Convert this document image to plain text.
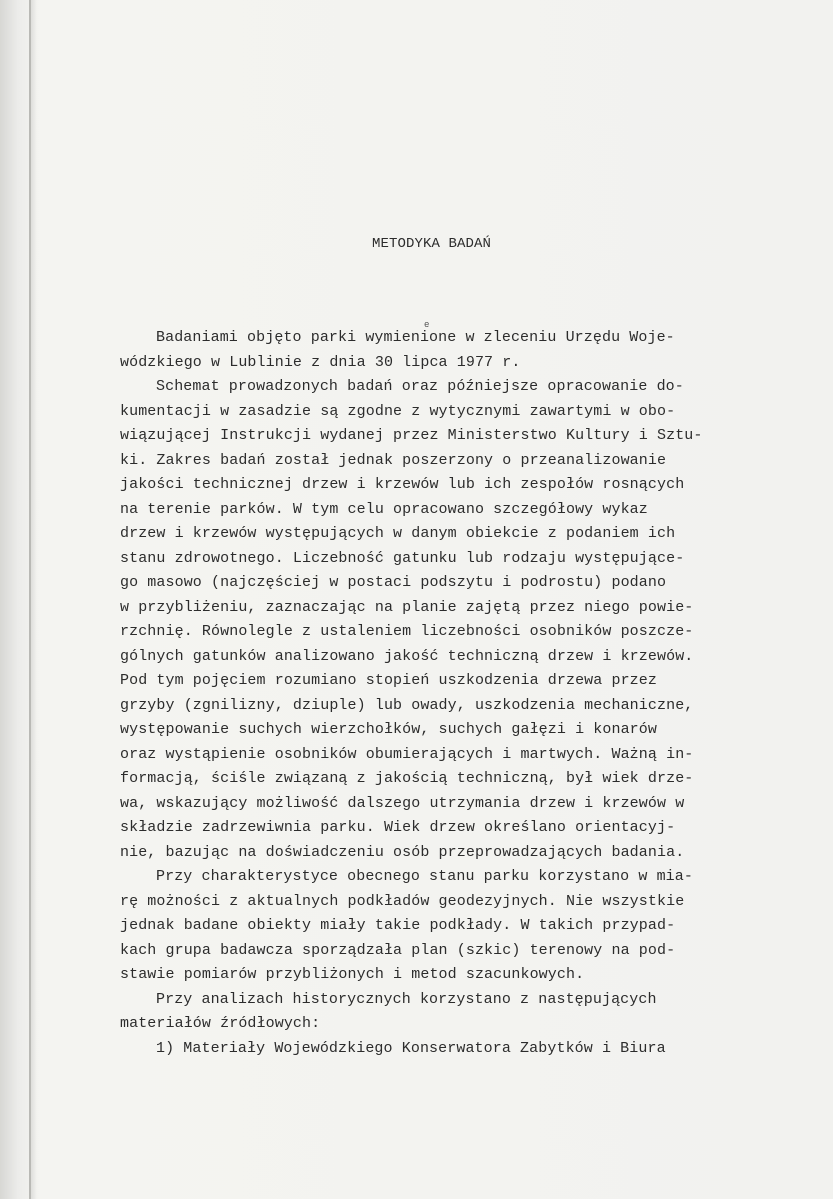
METODYKA BADAŃ
e
Badaniami objęto parki wymienione w zleceniu Urzędu Woje-
wódzkiego w Lublinie z dnia 30 lipca 1977 r.
Schemat prowadzonych badań oraz późniejsze opracowanie do-
kumentacji w zasadzie są zgodne z wytycznymi zawartymi w obo-
wiązującej Instrukcji wydanej przez Ministerstwo Kultury i Sztu-
ki. Zakres badań został jednak poszerzony o przeanalizowanie
jakości technicznej drzew i krzewów lub ich zespołów rosnących
na terenie parków. W tym celu opracowano szczegółowy wykaz
drzew i krzewów występujących w danym obiekcie z podaniem ich
stanu zdrowotnego. Liczebność gatunku lub rodzaju występujące-
go masowo (najczęściej w postaci podszytu i podrostu) podano
w przybliżeniu, zaznaczając na planie zajętą przez niego powie-
rzchnię. Równolegle z ustaleniem liczebności osobników poszcze-
gólnych gatunków analizowano jakość techniczną drzew i krzewów.
Pod tym pojęciem rozumiano stopień uszkodzenia drzewa przez
grzyby (zgnilizny, dziuple) lub owady, uszkodzenia mechaniczne,
występowanie suchych wierzchołków, suchych gałęzi i konarów
oraz wystąpienie osobników obumierających i martwych. Ważną in-
formacją, ściśle związaną z jakością techniczną, był wiek drze-
wa, wskazujący możliwość dalszego utrzymania drzew i krzewów w
składzie zadrzewiwnia parku. Wiek drzew określano orientacyj-
nie, bazując na doświadczeniu osób przeprowadzających badania.
Przy charakterystyce obecnego stanu parku korzystano w mia-
rę możności z aktualnych podkładów geodezyjnych. Nie wszystkie
jednak badane obiekty miały takie podkłady. W takich przypad-
kach grupa badawcza sporządzała plan (szkic) terenowy na pod-
stawie pomiarów przybliżonych i metod szacunkowych.
Przy analizach historycznych korzystano z następujących
materiałów źródłowych:
1) Materiały Wojewódzkiego Konserwatora Zabytków i Biura
